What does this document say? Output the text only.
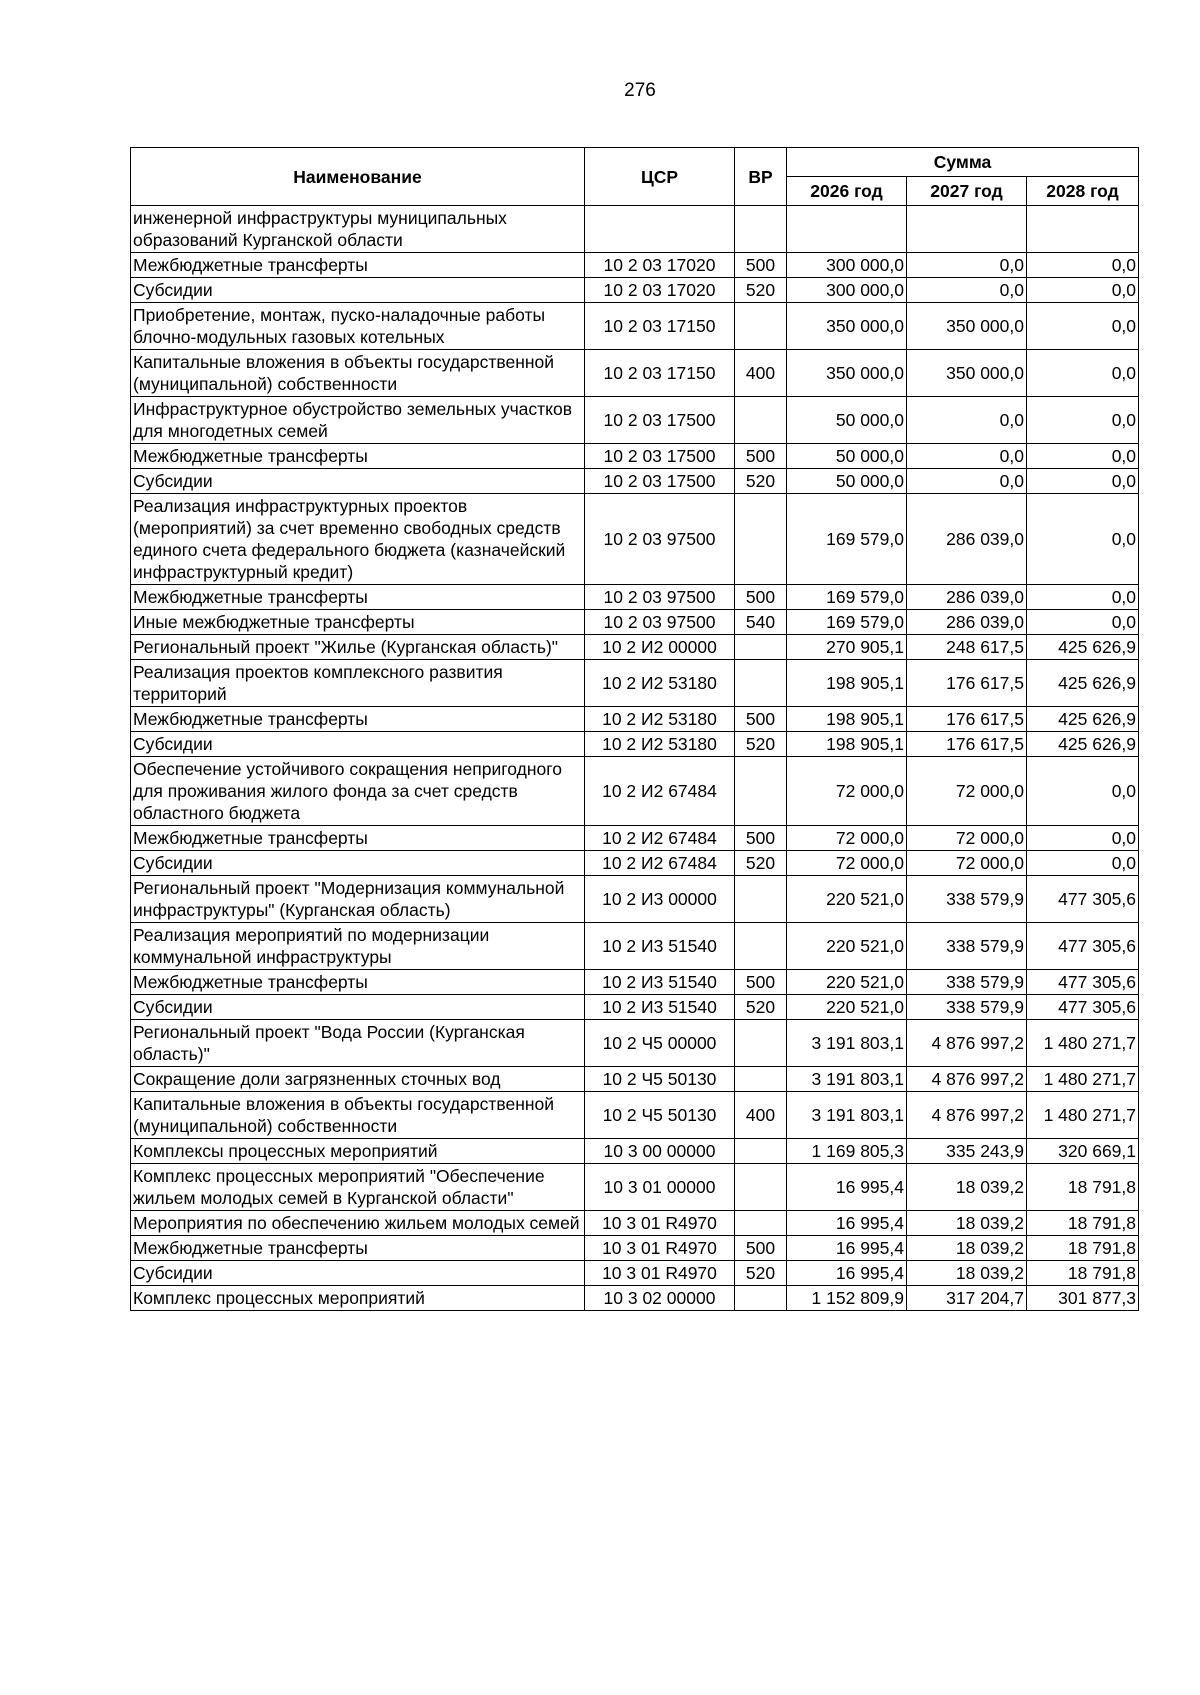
276
Наименование	ЦСР	ВР	Сумма		
			2026 год	2027 год	2028 год
инженерной инфраструктуры муниципальных образований Курганской области					
Межбюджетные трансферты	10 2 03 17020	500	300 000,0	0,0	0,0
Субсидии	10 2 03 17020	520	300 000,0	0,0	0,0
Приобретение, монтаж, пуско-наладочные работы блочно-модульных газовых котельных	10 2 03 17150		350 000,0	350 000,0	0,0
Капитальные вложения в объекты государственной (муниципальной) собственности	10 2 03 17150	400	350 000,0	350 000,0	0,0
Инфраструктурное обустройство земельных участков для многодетных семей	10 2 03 17500		50 000,0	0,0	0,0
Межбюджетные трансферты	10 2 03 17500	500	50 000,0	0,0	0,0
Субсидии	10 2 03 17500	520	50 000,0	0,0	0,0
Реализация инфраструктурных проектов (мероприятий) за счет временно свободных средств единого счета федерального бюджета (казначейский инфраструктурный кредит)	10 2 03 97500		169 579,0	286 039,0	0,0
Межбюджетные трансферты	10 2 03 97500	500	169 579,0	286 039,0	0,0
Иные межбюджетные трансферты	10 2 03 97500	540	169 579,0	286 039,0	0,0
Региональный проект "Жилье (Курганская область)"	10 2 И2 00000		270 905,1	248 617,5	425 626,9
Реализация проектов комплексного развития территорий	10 2 И2 53180		198 905,1	176 617,5	425 626,9
Межбюджетные трансферты	10 2 И2 53180	500	198 905,1	176 617,5	425 626,9
Субсидии	10 2 И2 53180	520	198 905,1	176 617,5	425 626,9
Обеспечение устойчивого сокращения непригодного для проживания жилого фонда за счет средств областного бюджета	10 2 И2 67484		72 000,0	72 000,0	0,0
Межбюджетные трансферты	10 2 И2 67484	500	72 000,0	72 000,0	0,0
Субсидии	10 2 И2 67484	520	72 000,0	72 000,0	0,0
Региональный проект "Модернизация коммунальной инфраструктуры" (Курганская область)	10 2 И3 00000		220 521,0	338 579,9	477 305,6
Реализация мероприятий по модернизации коммунальной инфраструктуры	10 2 И3 51540		220 521,0	338 579,9	477 305,6
Межбюджетные трансферты	10 2 И3 51540	500	220 521,0	338 579,9	477 305,6
Субсидии	10 2 И3 51540	520	220 521,0	338 579,9	477 305,6
Региональный проект "Вода России (Курганская область)"	10 2 Ч5 00000		3 191 803,1	4 876 997,2	1 480 271,7
Сокращение доли загрязненных сточных вод	10 2 Ч5 50130		3 191 803,1	4 876 997,2	1 480 271,7
Капитальные вложения в объекты государственной (муниципальной) собственности	10 2 Ч5 50130	400	3 191 803,1	4 876 997,2	1 480 271,7
Комплексы процессных мероприятий	10 3 00 00000		1 169 805,3	335 243,9	320 669,1
Комплекс процессных мероприятий "Обеспечение жильем молодых семей в Курганской области"	10 3 01 00000		16 995,4	18 039,2	18 791,8
Мероприятия по обеспечению жильем молодых семей	10 3 01 R4970		16 995,4	18 039,2	18 791,8
Межбюджетные трансферты	10 3 01 R4970	500	16 995,4	18 039,2	18 791,8
Субсидии	10 3 01 R4970	520	16 995,4	18 039,2	18 791,8
Комплекс процессных мероприятий	10 3 02 00000		1 152 809,9	317 204,7	301 877,3
